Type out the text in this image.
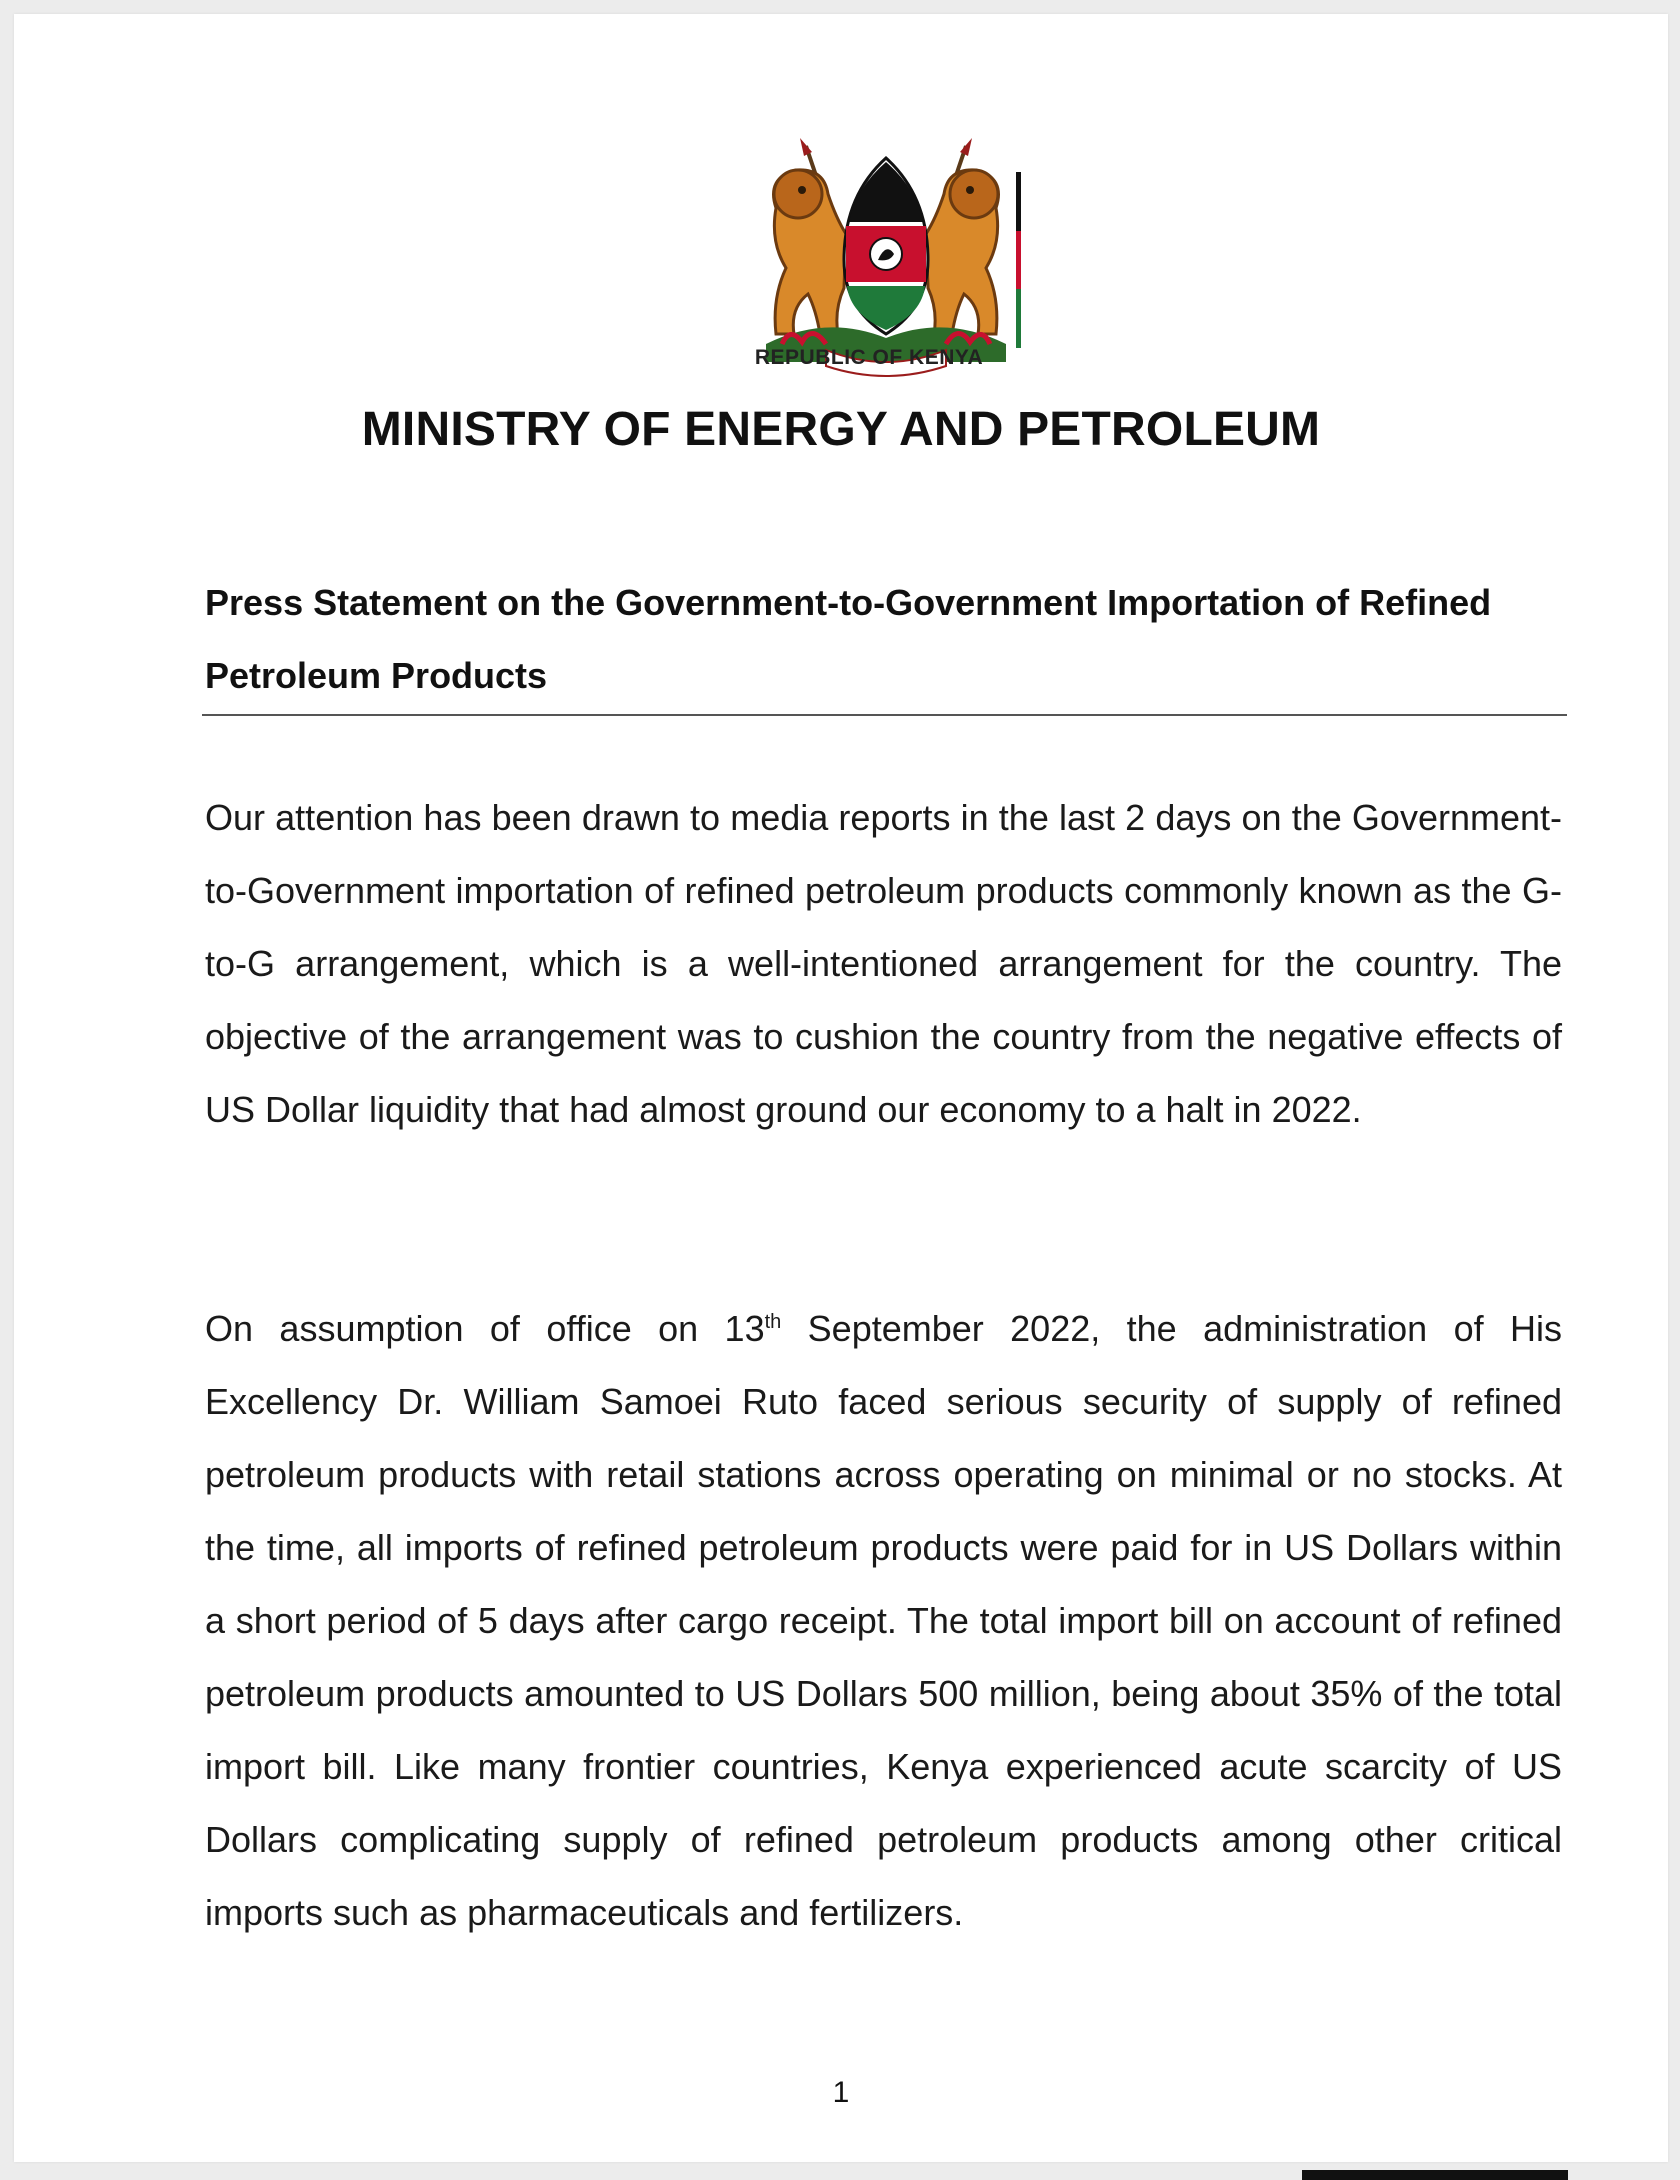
REPUBLIC OF KENYA
MINISTRY OF ENERGY AND PETROLEUM
Press Statement on the Government-to-Government Importation of Refined Petroleum Products

Our attention has been drawn to media reports in the last 2 days on the Government-to-Government importation of refined petroleum products commonly known as the G-to-G arrangement, which is a well-intentioned arrangement for the country. The objective of the arrangement was to cushion the country from the negative effects of US Dollar liquidity that had almost ground our economy to a halt in 2022.

On assumption of office on 13th September 2022, the administration of His Excellency Dr. William Samoei Ruto faced serious security of supply of refined petroleum products with retail stations across operating on minimal or no stocks. At the time, all imports of refined petroleum products were paid for in US Dollars within a short period of 5 days after cargo receipt. The total import bill on account of refined petroleum products amounted to US Dollars 500 million, being about 35% of the total import bill. Like many frontier countries, Kenya experienced acute scarcity of US Dollars complicating supply of refined petroleum products among other critical imports such as pharmaceuticals and fertilizers.

1
